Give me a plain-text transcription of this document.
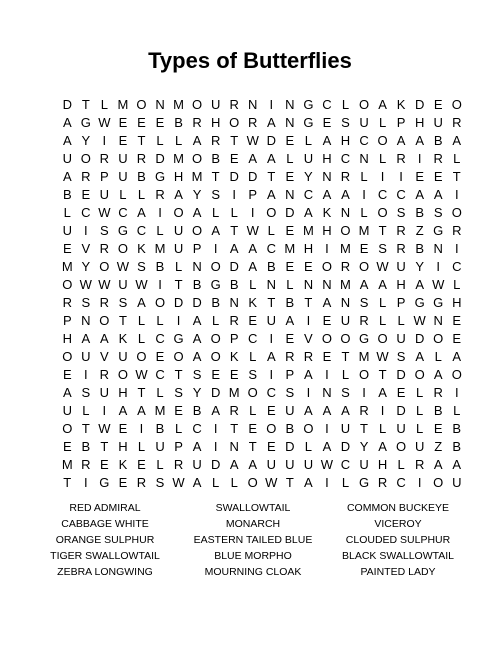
Types of Butterflies
D T L M O N M O U R N I N G C L O A K D E O
A G W E E E B R H O R A N G E S U L P H U R
A Y I E T L L A R T W D E L A H C O A A B A
U O R U R D M O B E A A L U H C N L R I R L
A R P U B G H M T D D T E Y N R L	I	I E E T
B E U L L R A Y S I P A N C A A I C C A A I
L C W C A I O A L L	I O D A K N L O S B S O
U I S G C L U O A T W L E M H O M T R Z G R
E V R O K M U P I A A C M H I M E S R B N I
M Y O W S B L N O D A B E E O R O W U Y I C
O W W U W I T B G B L N L N N M A A H A W L
R S R S A O D D B N K T B T A N S L P G G H
P N O T L L	I A L R E U A I E U R L L W N E
H A A K L C G A O P C I E V O O G O U D O E
O U V U O E O A O K L A R R E T M W S A L A
E I R O W C T S E E S I P A I	L O T D O A O
A S U H T L S Y D M O C S I N S I A E L R I
U L	I A A M E B A R L E U A A A R I D L B L
O T W E I B L C I T E O B O I U T L U L E B
E B T H L U P A I N T E D L A D Y A O U Z B
M R E K E L R U D A A U U U W C U H L R A A
T I G E R S W A L L O W T A I	L G R C I O U
RED ADMIRAL	SWALLOWTAIL	COMMON BUCKEYE
CABBAGE WHITE	MONARCH	VICEROY
ORANGE SULPHUR	EASTERN TAILED BLUE	CLOUDED SULPHUR
TIGER SWALLOWTAIL	BLUE MORPHO	BLACK SWALLOWTAIL
ZEBRA LONGWING	MOURNING CLOAK	PAINTED LADY
